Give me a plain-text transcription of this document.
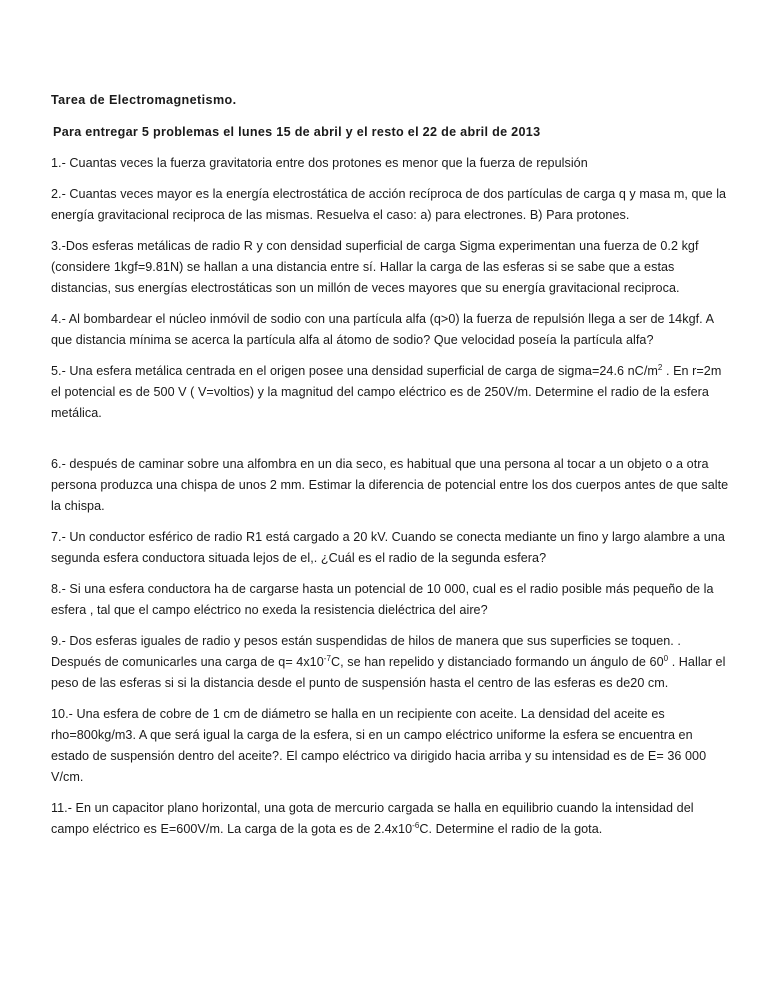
Tarea de Electromagnetismo.

Para entregar 5 problemas el lunes 15 de abril y el resto el 22 de abril de 2013

1.- Cuantas veces la fuerza gravitatoria entre dos protones es menor que la fuerza de repulsión

2.- Cuantas veces mayor es la energía electrostática de acción recíproca de dos partículas de carga q y masa m, que la energía gravitacional reciproca de las mismas. Resuelva el caso: a) para electrones. B) Para protones.

3.-Dos esferas metálicas de radio R y con densidad superficial de carga Sigma experimentan una fuerza de 0.2 kgf (considere 1kgf=9.81N) se hallan a una distancia entre sí. Hallar la carga de las esferas si se sabe que a estas distancias, sus energías electrostáticas son un millón de veces mayores que su energía gravitacional reciproca.

4.- Al bombardear el núcleo inmóvil de sodio con una partícula alfa (q>0) la fuerza de repulsión llega a ser de 14kgf. A que distancia mínima se acerca la partícula alfa al átomo de sodio? Que velocidad poseía la partícula alfa?

5.- Una esfera metálica centrada en el origen posee una densidad superficial de carga de sigma=24.6 $nC/m^2$ . En r=2m el potencial es de 500 V ( V=voltios) y la magnitud del campo eléctrico es de 250V/m. Determine el radio de la esfera metálica.

6.- después de caminar sobre una alfombra en un dia seco, es habitual que una persona al tocar a un objeto o a otra persona produzca una chispa de unos 2 mm. Estimar la diferencia de potencial entre los dos cuerpos antes de que salte la chispa.

7.- Un conductor esférico de radio R1 está cargado a 20 kV. Cuando se conecta mediante un fino y largo alambre a una segunda esfera conductora situada lejos de el,. ¿Cuál es el radio de la segunda esfera?

8.- Si una esfera conductora ha de cargarse hasta un potencial de 10 000, cual es el radio posible más pequeño de la esfera , tal que el campo eléctrico no exeda la resistencia dieléctrica del aire?

9.- Dos esferas iguales de radio y pesos están suspendidas de hilos de manera que sus superficies se toquen. . Después de comunicarles una carga de $q= 4x10^{-7}C$, se han repelido y distanciado formando un ángulo de $60^0$ . Hallar el peso de las esferas si si la distancia desde el punto de suspensión hasta el centro de las esferas es de20 cm.

10.- Una esfera de cobre de 1 cm de diámetro se halla en un recipiente con aceite. La densidad del aceite es rho=800kg/m3. A que será igual la carga de la esfera, si en un campo eléctrico uniforme la esfera se encuentra en estado de suspensión dentro del aceite?. El campo eléctrico va dirigido hacia arriba y su intensidad es de E= 36 000 V/cm.

11.- En un capacitor plano horizontal, una gota de mercurio cargada se halla en equilibrio cuando la intensidad del campo eléctrico es E=600V/m. La carga de la gota es de $2.4x10^{-6}C$. Determine el radio de la gota.
